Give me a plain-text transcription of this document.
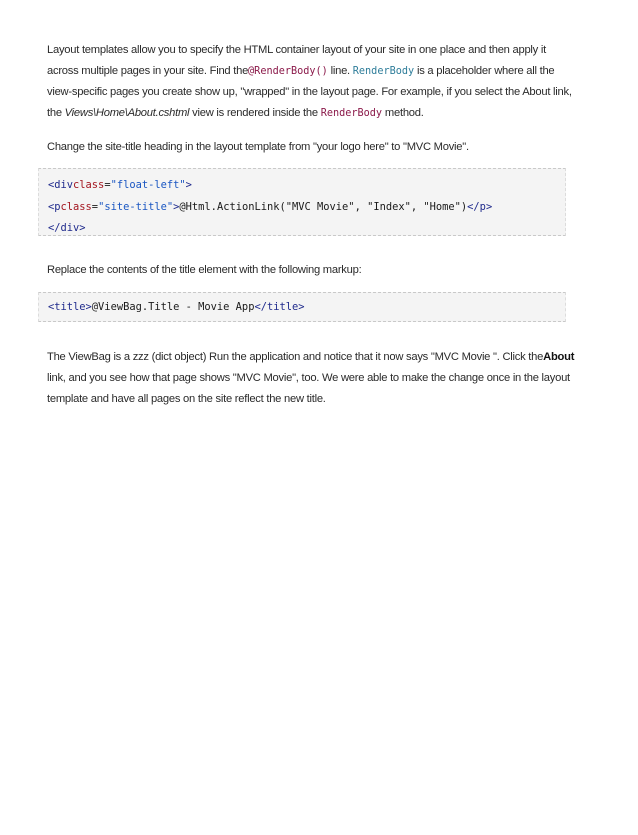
Layout templates allow you to specify the HTML container layout of your site in one place and then apply it
across multiple pages in your site. Find the@RenderBody() line. RenderBody is a placeholder where all the
view-specific pages you create show up, "wrapped" in the layout page. For example, if you select the About link,
the Views\Home\About.cshtml view is rendered inside the RenderBody method.

Change the site-title heading in the layout template from "your logo here" to "MVC Movie".

<divclass="float-left">
<pclass="site-title">@Html.ActionLink("MVC Movie", "Index", "Home")</p>
</div>

Replace the contents of the title element with the following markup:

<title>@ViewBag.Title - Movie App</title>

The ViewBag is a zzz (dict object) Run the application and notice that it now says "MVC Movie ". Click theAbout
link, and you see how that page shows "MVC Movie", too. We were able to make the change once in the layout
template and have all pages on the site reflect the new title.
